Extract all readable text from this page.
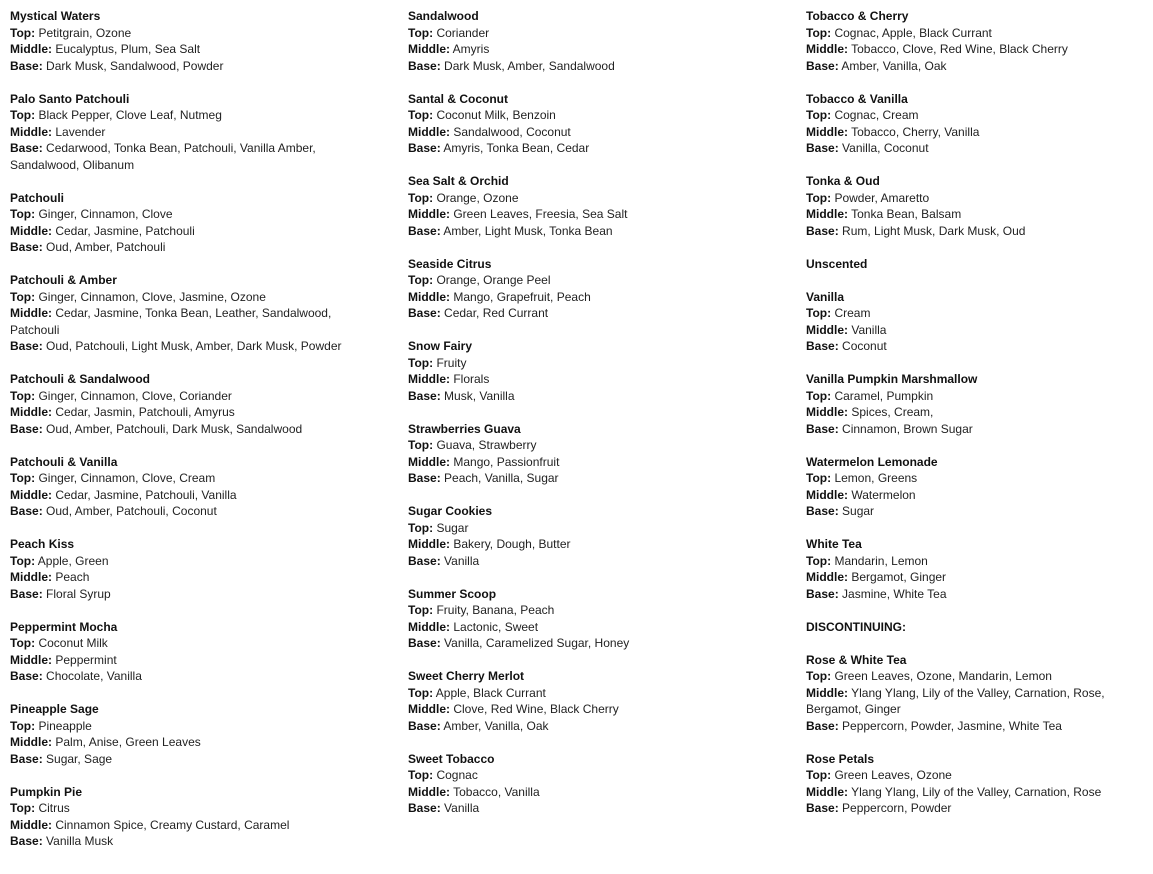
Mystical Waters
Top: Petitgrain, Ozone
Middle: Eucalyptus, Plum, Sea Salt
Base: Dark Musk, Sandalwood, Powder
Palo Santo Patchouli
Top: Black Pepper, Clove Leaf, Nutmeg
Middle: Lavender
Base: Cedarwood, Tonka Bean, Patchouli, Vanilla Amber, Sandalwood, Olibanum
Patchouli
Top: Ginger, Cinnamon, Clove
Middle: Cedar, Jasmine, Patchouli
Base: Oud, Amber, Patchouli
Patchouli & Amber
Top: Ginger, Cinnamon, Clove, Jasmine, Ozone
Middle: Cedar, Jasmine, Tonka Bean, Leather, Sandalwood, Patchouli
Base: Oud, Patchouli, Light Musk, Amber, Dark Musk, Powder
Patchouli & Sandalwood
Top: Ginger, Cinnamon, Clove, Coriander
Middle: Cedar, Jasmin, Patchouli, Amyrus
Base: Oud, Amber, Patchouli, Dark Musk, Sandalwood
Patchouli & Vanilla
Top: Ginger, Cinnamon, Clove, Cream
Middle: Cedar, Jasmine, Patchouli, Vanilla
Base: Oud, Amber, Patchouli, Coconut
Peach Kiss
Top: Apple, Green
Middle: Peach
Base: Floral Syrup
Peppermint Mocha
Top: Coconut Milk
Middle: Peppermint
Base: Chocolate, Vanilla
Pineapple Sage
Top: Pineapple
Middle: Palm, Anise, Green Leaves
Base: Sugar, Sage
Pumpkin Pie
Top: Citrus
Middle: Cinnamon Spice, Creamy Custard, Caramel
Base: Vanilla Musk
Sandalwood
Top: Coriander
Middle: Amyris
Base: Dark Musk, Amber, Sandalwood
Santal & Coconut
Top: Coconut Milk, Benzoin
Middle: Sandalwood, Coconut
Base: Amyris, Tonka Bean, Cedar
Sea Salt & Orchid
Top: Orange, Ozone
Middle: Green Leaves, Freesia, Sea Salt
Base: Amber, Light Musk, Tonka Bean
Seaside Citrus
Top: Orange, Orange Peel
Middle: Mango, Grapefruit, Peach
Base: Cedar, Red Currant
Snow Fairy
Top: Fruity
Middle: Florals
Base: Musk, Vanilla
Strawberries Guava
Top: Guava, Strawberry
Middle: Mango, Passionfruit
Base: Peach, Vanilla, Sugar
Sugar Cookies
Top: Sugar
Middle: Bakery, Dough, Butter
Base: Vanilla
Summer Scoop
Top: Fruity, Banana, Peach
Middle: Lactonic, Sweet
Base: Vanilla, Caramelized Sugar, Honey
Sweet Cherry Merlot
Top: Apple, Black Currant
Middle: Clove, Red Wine, Black Cherry
Base: Amber, Vanilla, Oak
Sweet Tobacco
Top: Cognac
Middle: Tobacco, Vanilla
Base: Vanilla
Tobacco & Cherry
Top: Cognac, Apple, Black Currant
Middle: Tobacco, Clove, Red Wine, Black Cherry
Base: Amber, Vanilla, Oak
Tobacco & Vanilla
Top: Cognac, Cream
Middle: Tobacco, Cherry, Vanilla
Base: Vanilla, Coconut
Tonka & Oud
Top: Powder, Amaretto
Middle: Tonka Bean, Balsam
Base: Rum, Light Musk, Dark Musk, Oud
Unscented
Vanilla
Top: Cream
Middle: Vanilla
Base: Coconut
Vanilla Pumpkin Marshmallow
Top: Caramel, Pumpkin
Middle: Spices, Cream,
Base: Cinnamon, Brown Sugar
Watermelon Lemonade
Top: Lemon, Greens
Middle: Watermelon
Base: Sugar
White Tea
Top: Mandarin, Lemon
Middle: Bergamot, Ginger
Base: Jasmine, White Tea
DISCONTINUING:
Rose & White Tea
Top: Green Leaves, Ozone, Mandarin, Lemon
Middle: Ylang Ylang, Lily of the Valley, Carnation, Rose, Bergamot, Ginger
Base: Peppercorn, Powder, Jasmine, White Tea
Rose Petals
Top: Green Leaves, Ozone
Middle: Ylang Ylang, Lily of the Valley, Carnation, Rose
Base: Peppercorn, Powder
